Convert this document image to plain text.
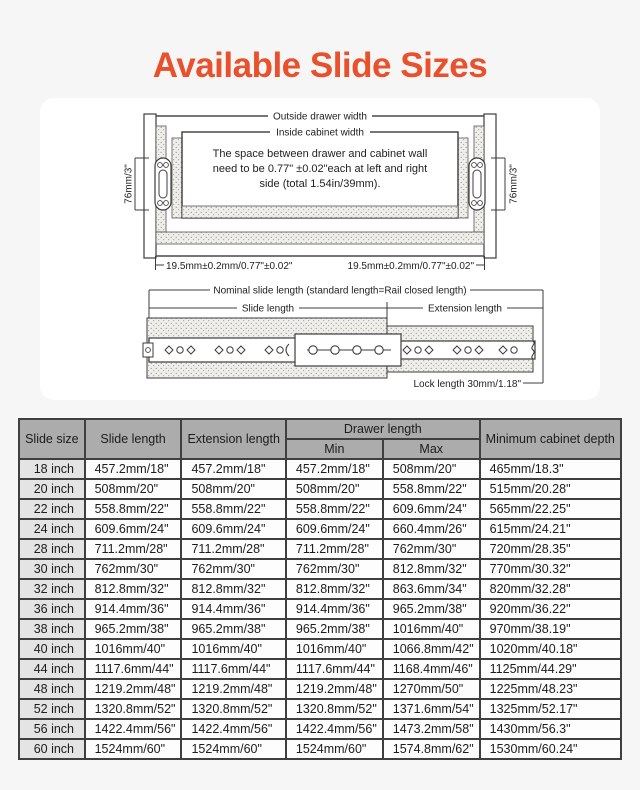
Available Slide Sizes
76mm/3"	76mm/3"
Outside drawer width
Inside cabinet width
The space between drawer and cabinet wall
need to be 0.77" ±0.02"each at left and right
side (total 1.54in/39mm).
19.5mm±0.2mm/0.77"±0.02"	19.5mm±0.2mm/0.77"±0.02"
Nominal slide length (standard length=Rail closed length)
Slide length	Extension length
Lock length 30mm/1.18"
Slide size	Slide length	Extension length	Drawer length		Minimum cabinet depth
			Min	Max	
18 inch	457.2mm/18"	457.2mm/18"	457.2mm/18"	508mm/20"	465mm/18.3"
20 inch	508mm/20"	508mm/20"	508mm/20"	558.8mm/22"	515mm/20.28"
22 inch	558.8mm/22"	558.8mm/22"	558.8mm/22"	609.6mm/24"	565mm/22.25"
24 inch	609.6mm/24"	609.6mm/24"	609.6mm/24"	660.4mm/26"	615mm/24.21"
28 inch	711.2mm/28"	711.2mm/28"	711.2mm/28"	762mm/30"	720mm/28.35"
30 inch	762mm/30"	762mm/30"	762mm/30"	812.8mm/32"	770mm/30.32"
32 inch	812.8mm/32"	812.8mm/32"	812.8mm/32"	863.6mm/34"	820mm/32.28"
36 inch	914.4mm/36"	914.4mm/36"	914.4mm/36"	965.2mm/38"	920mm/36.22"
38 inch	965.2mm/38"	965.2mm/38"	965.2mm/38"	1016mm/40"	970mm/38.19"
40 inch	1016mm/40"	1016mm/40"	1016mm/40"	1066.8mm/42"	1020mm/40.18"
44 inch	1117.6mm/44"	1117.6mm/44"	1117.6mm/44"	1168.4mm/46"	1125mm/44.29"
48 inch	1219.2mm/48"	1219.2mm/48"	1219.2mm/48"	1270mm/50"	1225mm/48.23"
52 inch	1320.8mm/52"	1320.8mm/52"	1320.8mm/52"	1371.6mm/54"	1325mm/52.17"
56 inch	1422.4mm/56"	1422.4mm/56"	1422.4mm/56"	1473.2mm/58"	1430mm/56.3"
60 inch	1524mm/60"	1524mm/60"	1524mm/60"	1574.8mm/62"	1530mm/60.24"
